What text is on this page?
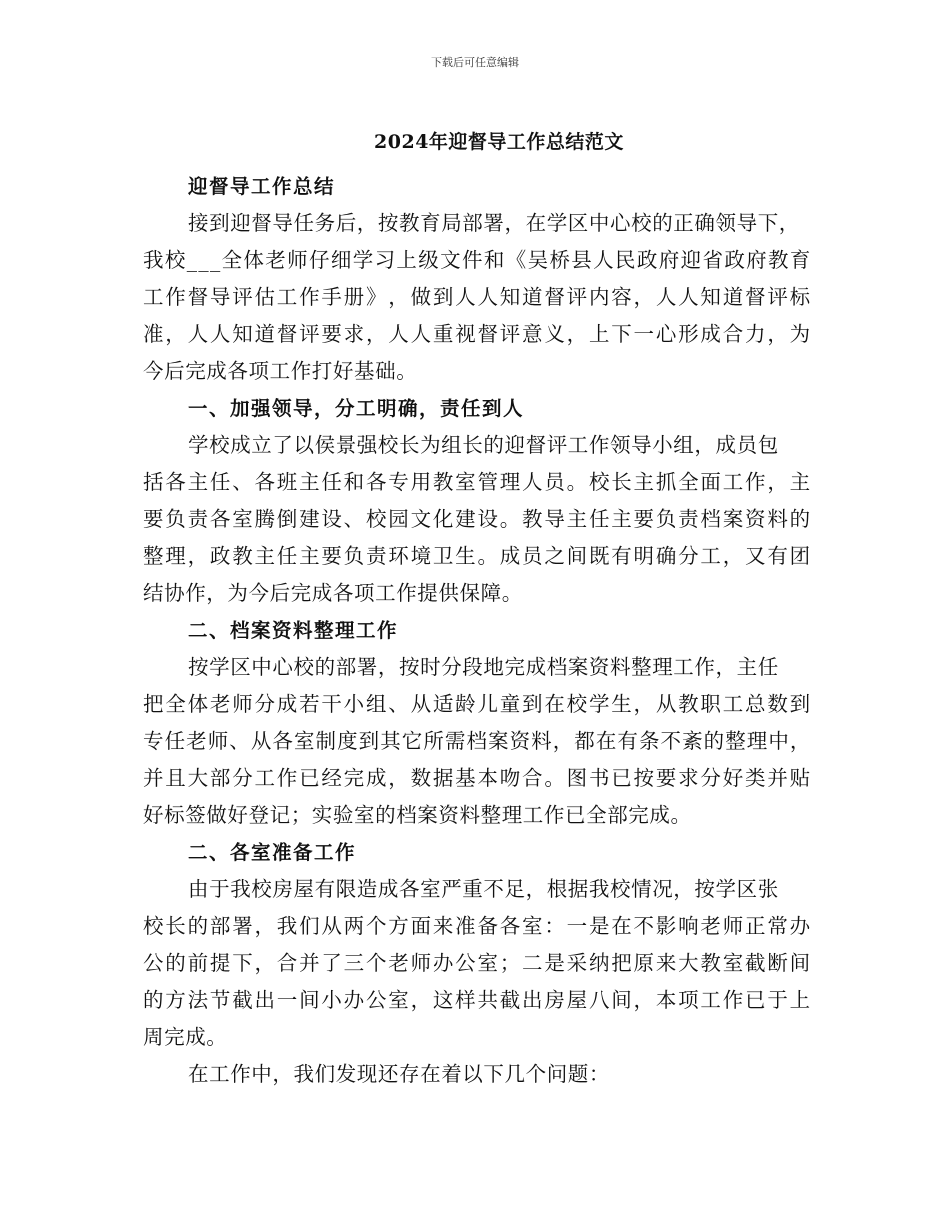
下载后可任意编辑
2024年迎督导工作总结范文
迎督导工作总结
接到迎督导任务后，按教育局部署，在学区中心校的正确领导下，
我 校 _ _ _ 全 体 老 师 仔 细 学 习 上 级 文 件 和 《 吴 桥 县 人 民 政 府 迎 省 政 府 教 育
工 作 督 导 评 估 工 作 手 册 》 ， 做 到 人 人 知 道 督 评 内 容 ， 人 人 知 道 督 评 标
准 ， 人 人 知 道 督 评 要 求 ， 人 人 重 视 督 评 意 义 ， 上 下 一 心 形 成 合 力 ， 为
今后完成各项工作打好基础。
一、加强领导，分工明确，责任到人
学校成立了以侯景强校长为组长的迎督评工作领导小组，成员包
括 各 主 任 、 各 班 主 任 和 各 专 用 教 室 管 理 人 员 。 校 长 主 抓 全 面 工 作 ， 主
要 负 责 各 室 腾 倒 建 设 、 校 园 文 化 建 设 。 教 导 主 任 主 要 负 责 档 案 资 料 的
整 理 ， 政 教 主 任 主 要 负 责 环 境 卫 生 。 成 员 之 间 既 有 明 确 分 工 ， 又 有 团
结协作，为今后完成各项工作提供保障。
二、档案资料整理工作
按学区中心校的部署，按时分段地完成档案资料整理工作，主任
把 全 体 老 师 分 成 若 干 小 组 、 从 适 龄 儿 童 到 在 校 学 生 ， 从 教 职 工 总 数 到
专 任 老 师 、 从 各 室 制 度 到 其 它 所 需 档 案 资 料 ， 都 在 有 条 不 紊 的 整 理 中 ，
并 且 大 部 分 工 作 已 经 完 成 ， 数 据 基 本 吻 合 。 图 书 已 按 要 求 分 好 类 并 贴
好标签做好登记；实验室的档案资料整理工作已全部完成。
二、各室准备工作
由于我校房屋有限造成各室严重不足，根据我校情况，按学区张
校 长 的 部 署 ， 我 们 从 两 个 方 面 来 准 备 各 室 ： 一 是 在 不 影 响 老 师 正 常 办
公 的 前 提 下 ， 合 并 了 三 个 老 师 办 公 室 ； 二 是 采 纳 把 原 来 大 教 室 截 断 间
的 方 法 节 截 出 一 间 小 办 公 室 ， 这 样 共 截 出 房 屋 八 间 ， 本 项 工 作 已 于 上
周完成。
在工作中，我们发现还存在着以下几个问题：
